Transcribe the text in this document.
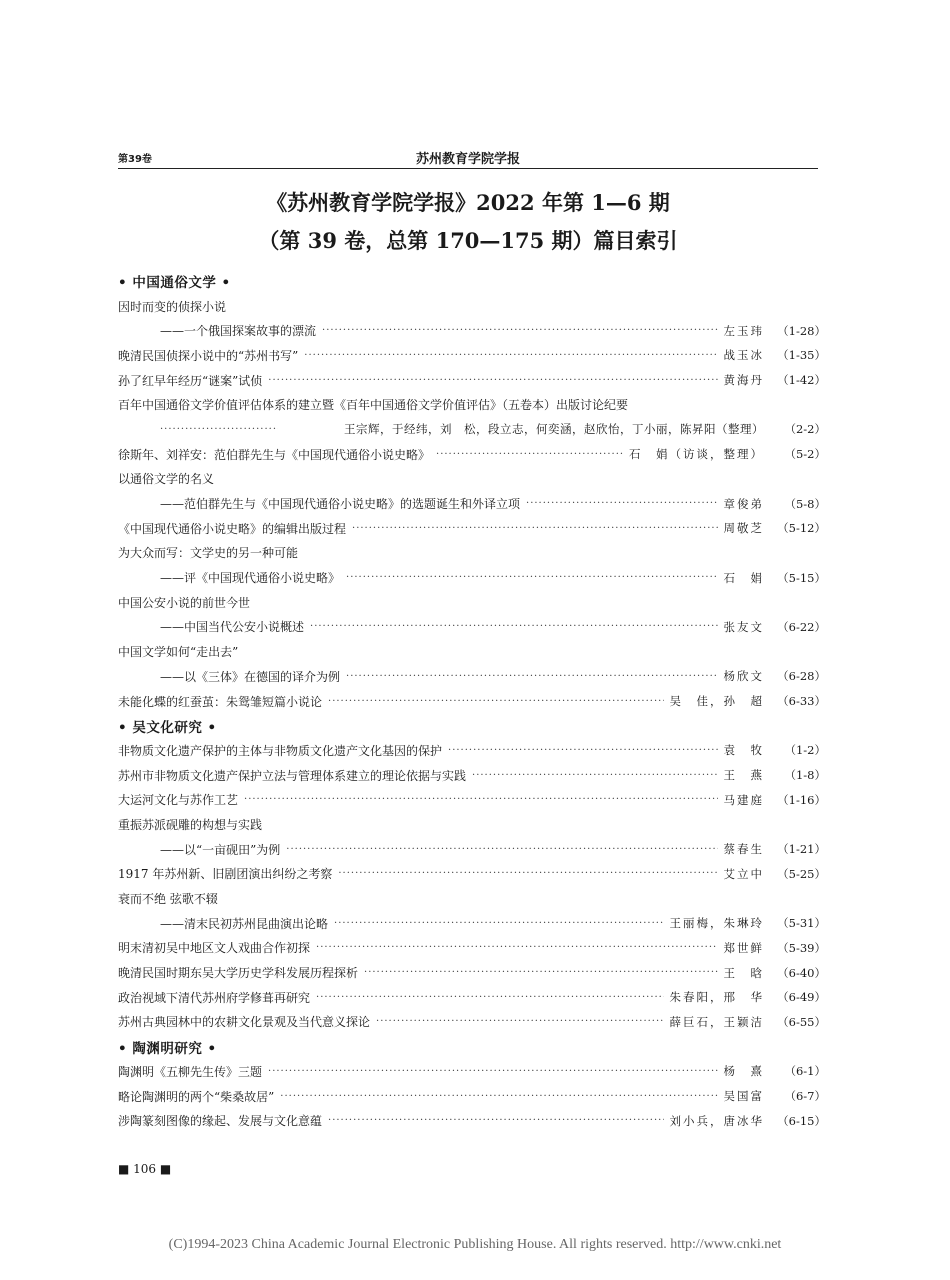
第39卷	苏州教育学院学报
《苏州教育学院学报》2022 年第 1—6 期
（第 39 卷，总第 170—175 期）篇目索引
• 中国通俗文学 •
因时而变的侦探小说
——一个俄国探案故事的漂流 ·····	左玉玮	（1-28）
晚清民国侦探小说中的“苏州书写” ·····	战玉冰	（1-35）
孙了红早年经历“谜案”试侦 ·····	黄海丹	（1-42）
百年中国通俗文学价值评估体系的建立暨《百年中国通俗文学价值评估》（五卷本）出版讨论纪要
·····
王宗辉，于经纬，刘　松，段立志，何奕涵，赵欣怡，丁小丽，陈昇阳（整理）	（2-2）
徐斯年、刘祥安：范伯群先生与《中国现代通俗小说史略》 ·····	石　娟（访谈，整理）	（5-2）
以通俗文学的名义
——范伯群先生与《中国现代通俗小说史略》的选题诞生和外译立项 ·····	章俊弟	（5-8）
《中国现代通俗小说史略》的编辑出版过程 ·····	周敬芝	（5-12）
为大众而写：文学史的另一种可能
——评《中国现代通俗小说史略》 ·····	石　娟	（5-15）
中国公安小说的前世今世
——中国当代公安小说概述 ·····	张友文	（6-22）
中国文学如何“走出去”
——以《三体》在德国的译介为例 ·····	杨欣文	（6-28）
未能化蝶的红蚕茧：朱鸳雏短篇小说论 ·····	吴　佳，孙　超	（6-33）
• 吴文化研究 •
非物质文化遗产保护的主体与非物质文化遗产文化基因的保护 ·····	袁　牧	（1-2）
苏州市非物质文化遗产保护立法与管理体系建立的理论依据与实践 ·····	王　燕	（1-8）
大运河文化与苏作工艺 ·····	马建庭	（1-16）
重振苏派砚雕的构想与实践
——以“一亩砚田”为例 ·····	蔡春生	（1-21）
1917 年苏州新、旧剧团演出纠纷之考察 ·····	艾立中	（5-25）
衰而不绝 弦歌不辍
——清末民初苏州昆曲演出论略 ·····	王丽梅，朱琳玲	（5-31）
明末清初吴中地区文人戏曲合作初探 ·····	郑世鲜	（5-39）
晚清民国时期东吴大学历史学科发展历程探析 ·····	王　晗	（6-40）
政治视域下清代苏州府学修葺再研究 ·····	朱春阳，邢　华	（6-49）
苏州古典园林中的农耕文化景观及当代意义探论 ·····	薛巨石，王颖洁	（6-55）
• 陶渊明研究 •
陶渊明《五柳先生传》三题 ·····	杨　熹	（6-1）
略论陶渊明的两个“柴桑故居” ·····	吴国富	（6-7）
涉陶篆刻图像的缘起、发展与文化意蕴 ·····	刘小兵，唐冰华	（6-15）
■ 106 ■
(C)1994-2023 China Academic Journal Electronic Publishing House. All rights reserved. http://www.cnki.net
